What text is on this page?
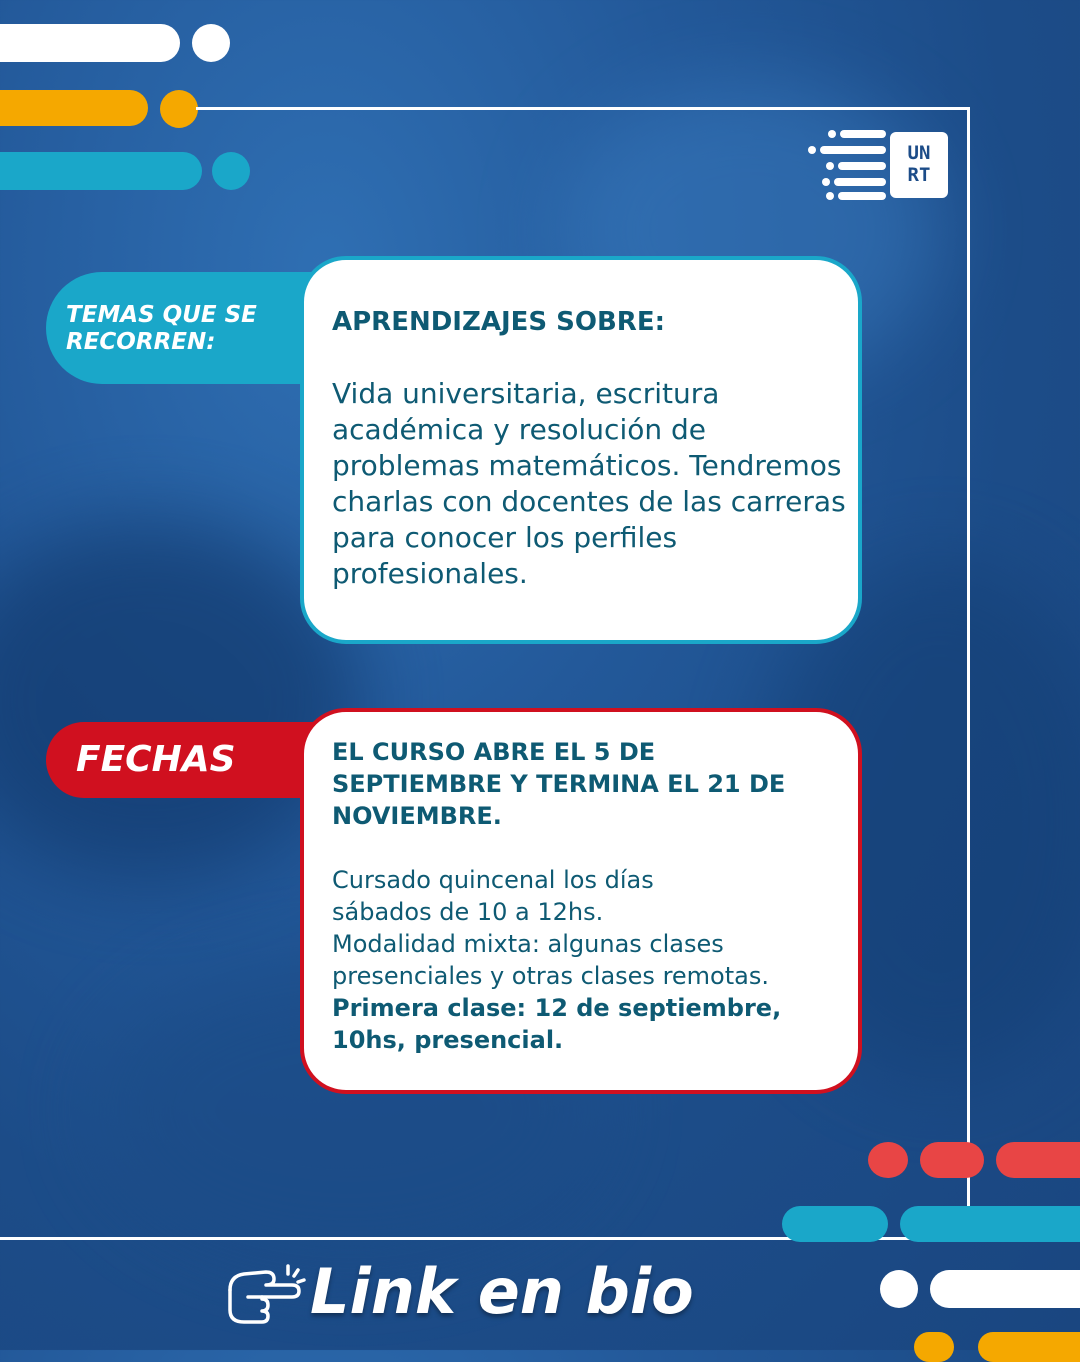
UN
RT
TEMAS QUE SE RECORREN:
APRENDIZAJES SOBRE:
Vida universitaria, escritura académica y resolución de problemas matemáticos. Tendremos charlas con docentes de las carreras para conocer los perfiles profesionales.
FECHAS	EL CURSO ABRE EL 5 DE SEPTIEMBRE Y TERMINA EL 21 DE NOVIEMBRE.
Cursado quincenal los días sábados de 10 a 12hs.
Modalidad mixta: algunas clases presenciales y otras clases remotas.
Primera clase: 12 de septiembre, 10hs, presencial.
Link en bio
